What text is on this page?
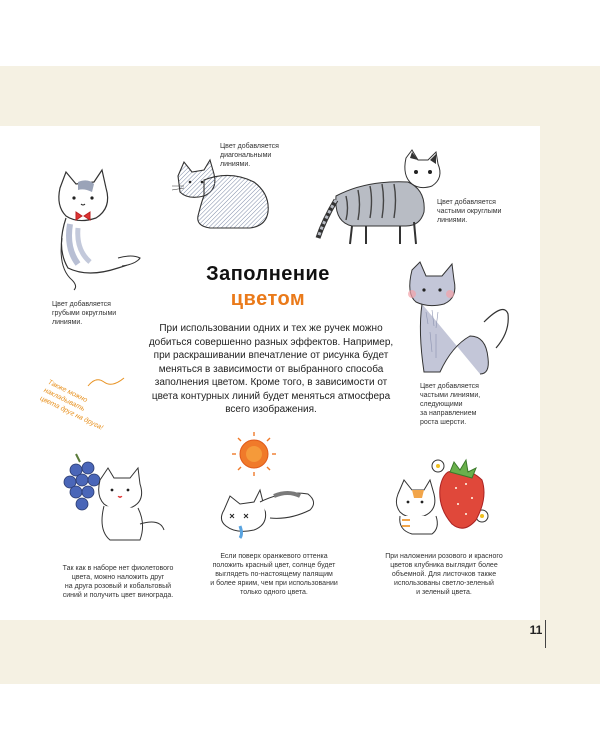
Цвет добавляется
грубыми округлыми
линиями.
Цвет добавляется
диагональными
линиями.
Цвет добавляется
частыми округлыми
линиями.
Цвет добавляется
частыми линиями,
следующими
за направлением
роста шерсти.
Заполнение
цветом
При использовании одних и тех же ручек можно добиться совершенно разных эффектов. Например, при раскрашивании впечатление от рисунка будет меняться в зависимости от выбранного способа заполнения цветом. Кроме того, в зависимости от цвета контурных линий будет меняться атмосфера всего изображения.
Также можно накладывать
цвета друг на друга!
Так как в наборе нет фиолетового
цвета, можно наложить друг
на друга розовый и кобальтовый
синий и получить цвет винограда.
Если поверх оранжевого оттенка
положить красный цвет, солнце будет
выглядеть по-настоящему палящим
и более ярким, чем при использовании
только одного цвета.
При наложении розового и красного
цветов клубника выглядит более
объемной. Для листочков также
использованы светло-зеленый
и зеленый цвета.
11
